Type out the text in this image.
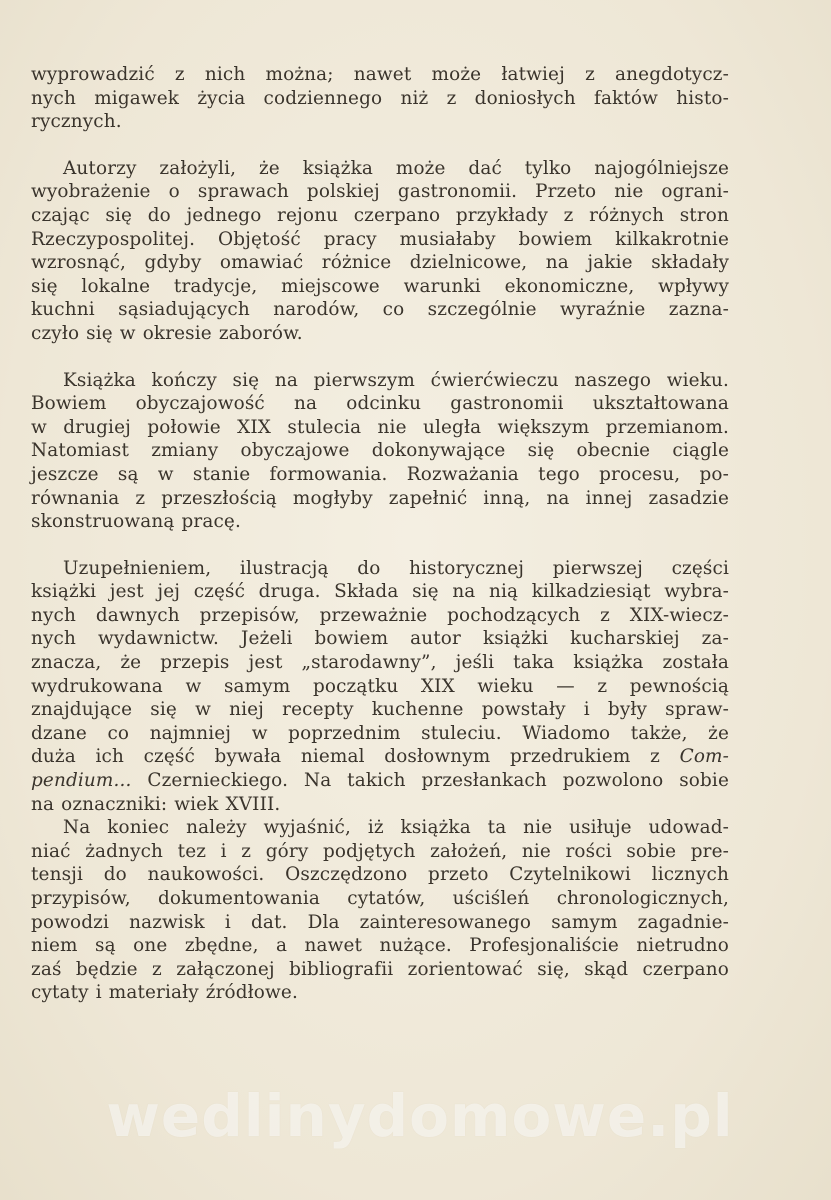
wyprowadzić z nich można; nawet może łatwiej z anegdotycz-
nych migawek życia codziennego niż z doniosłych faktów histo-
rycznych.
Autorzy założyli, że książka może dać tylko najogólniejsze
wyobrażenie o sprawach polskiej gastronomii. Przeto nie ograni-
czając się do jednego rejonu czerpano przykłady z różnych stron
Rzeczypospolitej. Objętość pracy musiałaby bowiem kilkakrotnie
wzrosnąć, gdyby omawiać różnice dzielnicowe, na jakie składały
się lokalne tradycje, miejscowe warunki ekonomiczne, wpływy
kuchni sąsiadujących narodów, co szczególnie wyraźnie zazna-
czyło się w okresie zaborów.
Książka kończy się na pierwszym ćwierćwieczu naszego wieku.
Bowiem obyczajowość na odcinku gastronomii ukształtowana
w drugiej połowie XIX stulecia nie uległa większym przemianom.
Natomiast zmiany obyczajowe dokonywające się obecnie ciągle
jeszcze są w stanie formowania. Rozważania tego procesu, po-
równania z przeszłością mogłyby zapełnić inną, na innej zasadzie
skonstruowaną pracę.
Uzupełnieniem, ilustracją do historycznej pierwszej części
książki jest jej część druga. Składa się na nią kilkadziesiąt wybra-
nych dawnych przepisów, przeważnie pochodzących z XIX-wiecz-
nych wydawnictw. Jeżeli bowiem autor książki kucharskiej za-
znacza, że przepis jest „starodawny”, jeśli taka książka została
wydrukowana w samym początku XIX wieku — z pewnością
znajdujące się w niej recepty kuchenne powstały i były spraw-
dzane co najmniej w poprzednim stuleciu. Wiadomo także, że
duża ich część bywała niemal dosłownym przedrukiem z Com-
pendium... Czernieckiego. Na takich przesłankach pozwolono sobie
na oznaczniki: wiek XVIII.
Na koniec należy wyjaśnić, iż książka ta nie usiłuje udowad-
niać żadnych tez i z góry podjętych założeń, nie rości sobie pre-
tensji do naukowości. Oszczędzono przeto Czytelnikowi licznych
przypisów, dokumentowania cytatów, uściśleń chronologicznych,
powodzi nazwisk i dat. Dla zainteresowanego samym zagadnie-
niem są one zbędne, a nawet nużące. Profesjonaliście nietrudno
zaś będzie z załączonej bibliografii zorientować się, skąd czerpano
cytaty i materiały źródłowe.
wedlinydomowe.pl
